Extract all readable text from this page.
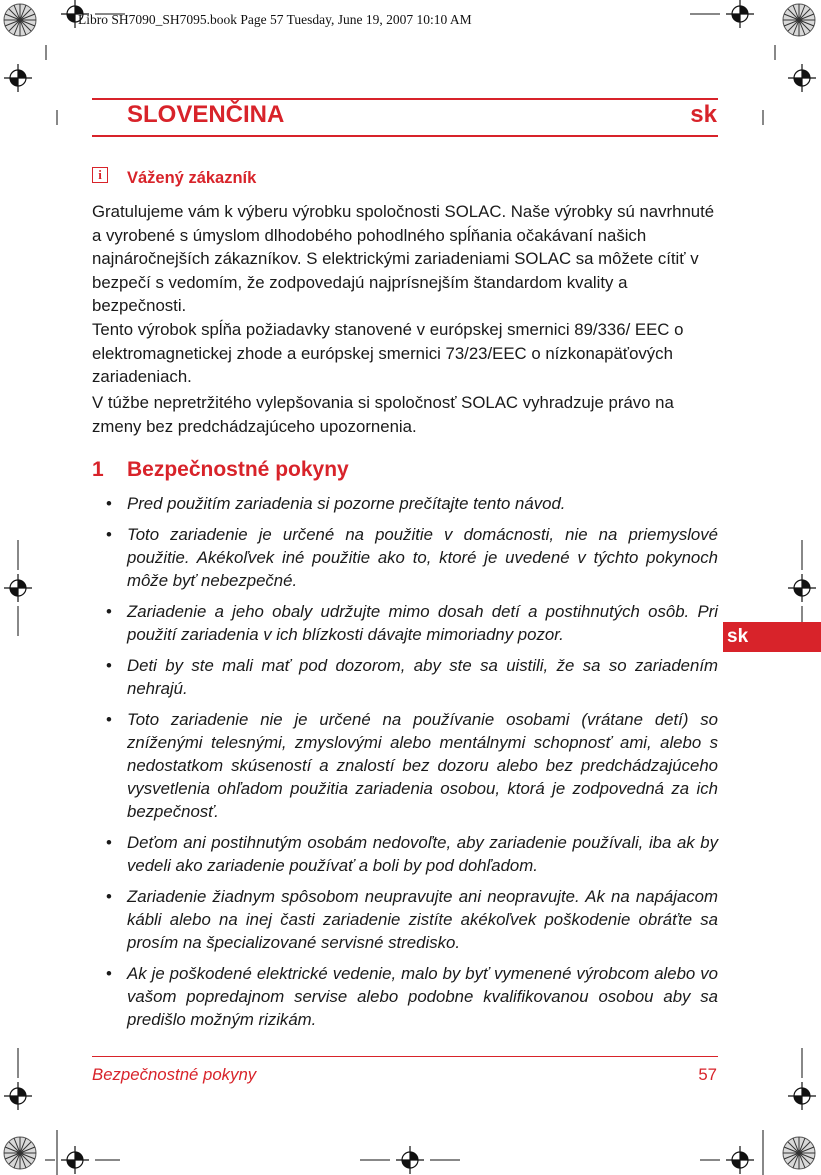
Libro SH7090_SH7095.book Page 57 Tuesday, June 19, 2007 10:10 AM
SLOVENČINA	sk
i	Vážený zákazník
Gratulujeme vám k výberu výrobku spoločnosti SOLAC. Naše výrobky sú navrhnuté a vyrobené s úmyslom dlhodobého pohodlného spĺňania očakávaní našich najnáročnejších zákazníkov. S elektrickými zariadeniami SOLAC sa môžete cítiť v bezpečí s vedomím, že zodpovedajú najprísnejším štandardom kvality a bezpečnosti.
Tento výrobok spĺňa požiadavky stanovené v európskej smernici 89/336/ EEC o elektromagnetickej zhode a európskej smernici 73/23/EEC o nízkonapäťových zariadeniach.
V túžbe nepretržitého vylepšovania si spoločnosť SOLAC vyhradzuje právo na zmeny bez predchádzajúceho upozornenia.
1 Bezpečnostné pokyny
• Pred použitím zariadenia si pozorne prečítajte tento návod.
• Toto zariadenie je určené na použitie v domácnosti, nie na priemyslové použitie. Akékoľvek iné použitie ako to, ktoré je uvedené v týchto pokynoch môže byť nebezpečné.
• Zariadenie a jeho obaly udržujte mimo dosah detí a postihnutých osôb. Pri použití zariadenia v ich blízkosti dávajte mimoriadny pozor.
• Deti by ste mali mať pod dozorom, aby ste sa uistili, že sa so zariadením nehrajú.
• Toto zariadenie nie je určené na používanie osobami (vrátane detí) so zníženými telesnými, zmyslovými alebo mentálnymi schopnosť ami, alebo s nedostatkom skúseností a znalostí bez dozoru alebo bez predchádzajúceho vysvetlenia ohľadom použitia zariadenia osobou, ktorá je zodpovedná za ich bezpečnosť.
• Deťom ani postihnutým osobám nedovoľte, aby zariadenie používali, iba ak by vedeli ako zariadenie používať a boli by pod dohľadom.
• Zariadenie žiadnym spôsobom neupravujte ani neopravujte. Ak na napájacom kábli alebo na inej časti zariadenie zistíte akékoľvek poškodenie obráťte sa prosím na špecializované servisné stredisko.
• Ak je poškodené elektrické vedenie, malo by byť vymenené výrobcom alebo vo vašom popredajnom servise alebo podobne kvalifikovanou osobou aby sa predišlo možným rizikám.
sk
Bezpečnostné pokyny	57
